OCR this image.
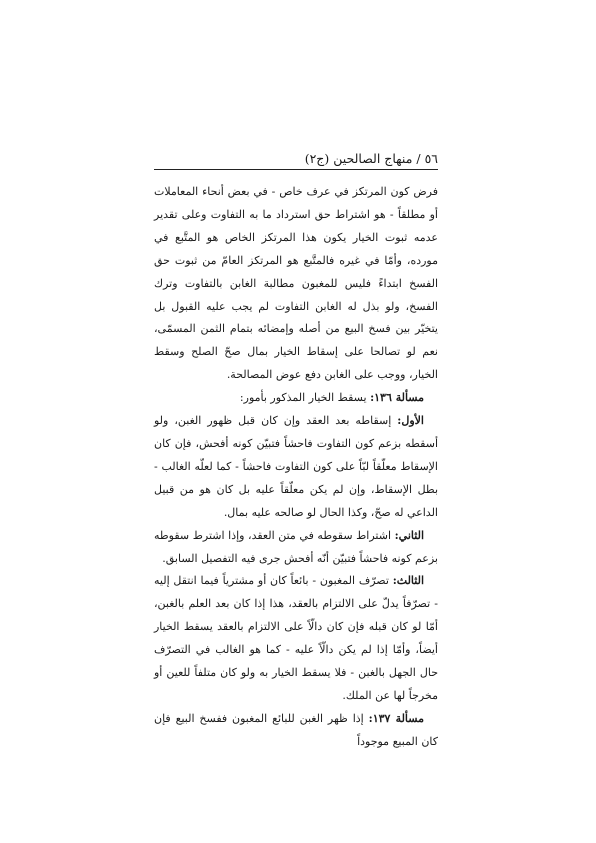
٥٦ / منهاج الصالحين (ج٢)

فرض كون المرتكز في عرف خاص - في بعض أنحاء المعاملات أو مطلقاً - هو اشتراط حق استرداد ما به التفاوت وعلى تقدير عدمه ثبوت الخيار يكون هذا المرتكز الخاص هو المتَّبع في مورده، وأمّا في غيره فالمتَّبع هو المرتكز العامّ من ثبوت حق الفسخ ابتداءً فليس للمغبون مطالبة الغابن بالتفاوت وترك الفسخ، ولو بذل له الغابن التفاوت لم يجب عليه القبول بل يتخيّر بين فسخ البيع من أصله وإمضائه بتمام الثمن المسمّى، نعم لو تصالحا على إسقاط الخيار بمال صحّ الصلح وسقط الخيار، ووجب على الغابن دفع عوض المصالحة.

مسألة ١٣٦: يسقط الخيار المذكور بأمور:

الأول: إسقاطه بعد العقد وإن كان قبل ظهور الغبن، ولو أسقطه بزعم كون التفاوت فاحشاً فتبيّن كونه أفحش، فإن كان الإسقاط معلّقاً لبّاً على كون التفاوت فاحشاً - كما لعلّه الغالب - بطل الإسقاط، وإن لم يكن معلّقاً عليه بل كان هو من قبيل الداعي له صحّ، وكذا الحال لو صالحه عليه بمال.

الثاني: اشتراط سقوطه في متن العقد، وإذا اشترط سقوطه بزعم كونه فاحشاً فتبيّن أنّه أفحش جرى فيه التفصيل السابق.

الثالث: تصرّف المغبون - بائعاً كان أو مشترياً فيما انتقل إليه - تصرّفاً يدلّ على الالتزام بالعقد، هذا إذا كان بعد العلم بالغبن، أمّا لو كان قبله فإن كان دالّاً على الالتزام بالعقد يسقط الخيار أيضاً، وأمّا إذا لم يكن دالّاً عليه - كما هو الغالب في التصرّف حال الجهل بالغبن - فلا يسقط الخيار به ولو كان متلفاً للعين أو مخرجاً لها عن الملك.

مسألة ١٣٧: إذا ظهر الغبن للبائع المغبون ففسخ البيع فإن كان المبيع موجوداً
